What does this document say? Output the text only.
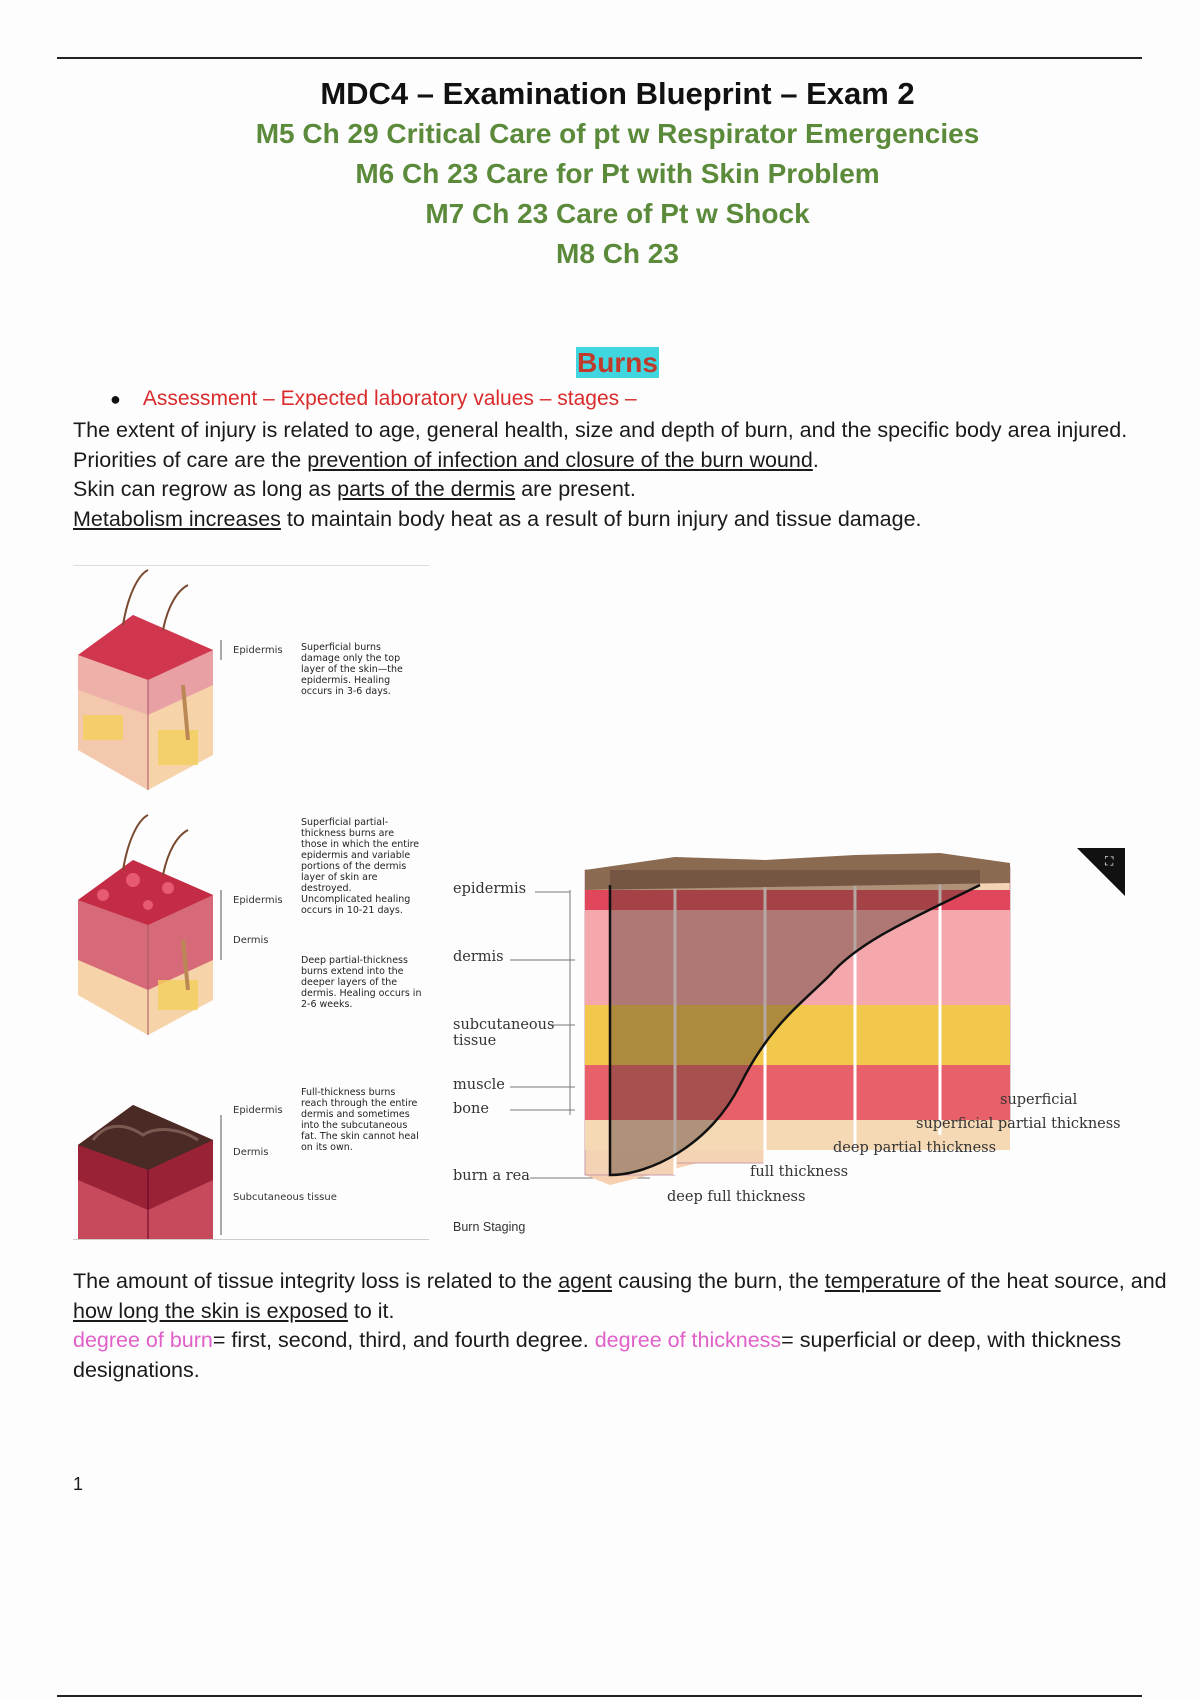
MDC4 – Examination Blueprint – Exam 2
M5 Ch 29 Critical Care of pt w Respirator Emergencies
M6 Ch 23 Care for Pt with Skin Problem
M7 Ch 23 Care of Pt w Shock
M8 Ch 23
Burns
● Assessment – Expected laboratory values – stages –
The extent of injury is related to age, general health, size and depth of burn, and the specific body area injured. Priorities of care are the prevention of infection and closure of the burn wound.
Skin can regrow as long as parts of the dermis are present.
Metabolism increases to maintain body heat as a result of burn injury and tissue damage.
Epidermis Superficial burns damage only the top layer of the skin—the epidermis. Healing occurs in 3-6 days.
Epidermis
Dermis
Superficial partial-thickness burns are those in which the entire epidermis and variable portions of the dermis layer of skin are destroyed. Uncomplicated healing occurs in 10-21 days.
Deep partial-thickness burns extend into the deeper layers of the dermis. Healing occurs in 2-6 weeks.
Epidermis
Dermis
Subcutaneous tissue
Full-thickness burns reach through the entire dermis and sometimes into the subcutaneous fat. The skin cannot heal on its own.
epidermis
dermis
subcutaneous tissue
muscle
bone
burn a rea
superficial
superficial partial thickness
deep partial thickness
full thickness
deep full thickness
Burn Staging
⛶
The amount of tissue integrity loss is related to the agent causing the burn, the temperature of the heat source, and how long the skin is exposed to it.
degree of burn= first, second, third, and fourth degree. degree of thickness= superficial or deep, with thickness designations.
1
